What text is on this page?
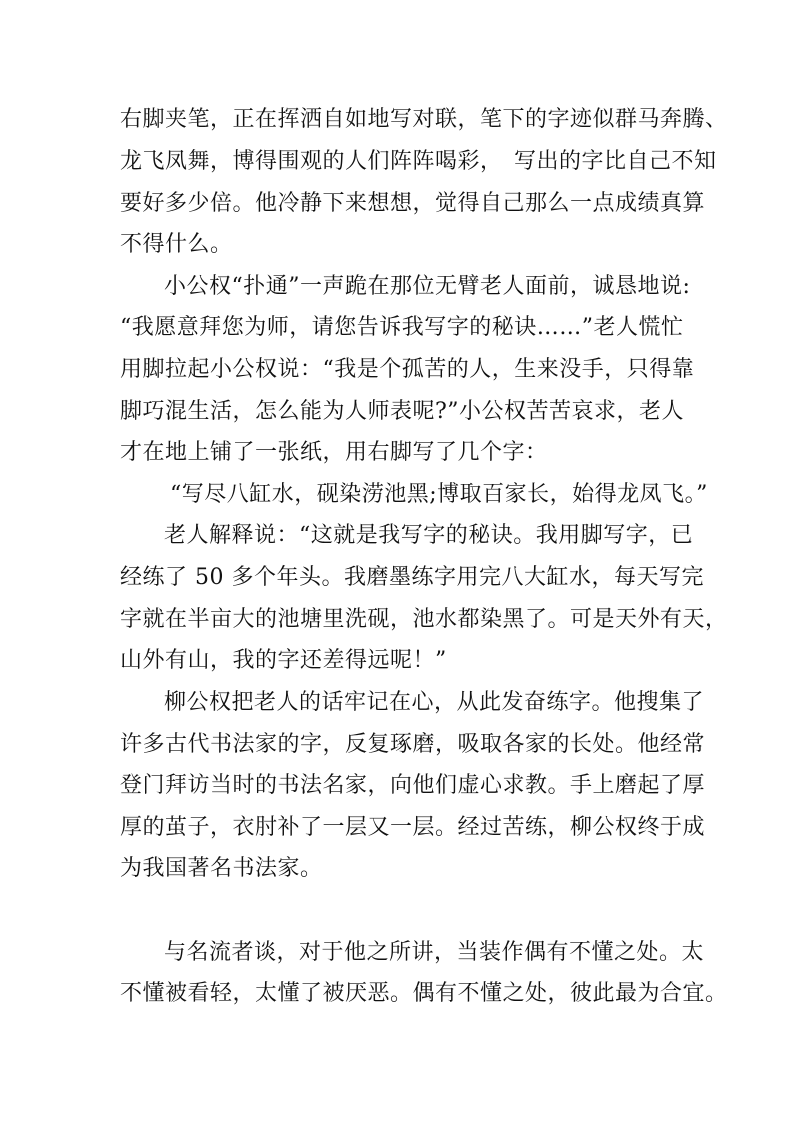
右脚夹笔，正在挥洒自如地写对联，笔下的字迹似群马奔腾、
龙飞凤舞，博得围观的人们阵阵喝彩，　写出的字比自己不知
要好多少倍。他冷静下来想想，觉得自己那么一点成绩真算
不得什么。
小公权“扑通”一声跪在那位无臂老人面前，诚恳地说:
“我愿意拜您为师，请您告诉我写字的秘诀……”老人慌忙
用脚拉起小公权说：“我是个孤苦的人，生来没手，只得靠
脚巧混生活，怎么能为人师表呢?”小公权苦苦哀求，老人
才在地上铺了一张纸，用右脚写了几个字：
“写尽八缸水，砚染涝池黑;博取百家长，始得龙凤飞。”
老人解释说：“这就是我写字的秘诀。我用脚写字，已
经练了 50 多个年头。我磨墨练字用完八大缸水，每天写完
字就在半亩大的池塘里洗砚，池水都染黑了。可是天外有天，
山外有山，我的字还差得远呢！”
柳公权把老人的话牢记在心，从此发奋练字。他搜集了
许多古代书法家的字，反复琢磨，吸取各家的长处。他经常
登门拜访当时的书法名家，向他们虚心求教。手上磨起了厚
厚的茧子，衣肘补了一层又一层。经过苦练，柳公权终于成
为我国著名书法家。
与名流者谈，对于他之所讲，当装作偶有不懂之处。太
不懂被看轻，太懂了被厌恶。偶有不懂之处，彼此最为合宜。
